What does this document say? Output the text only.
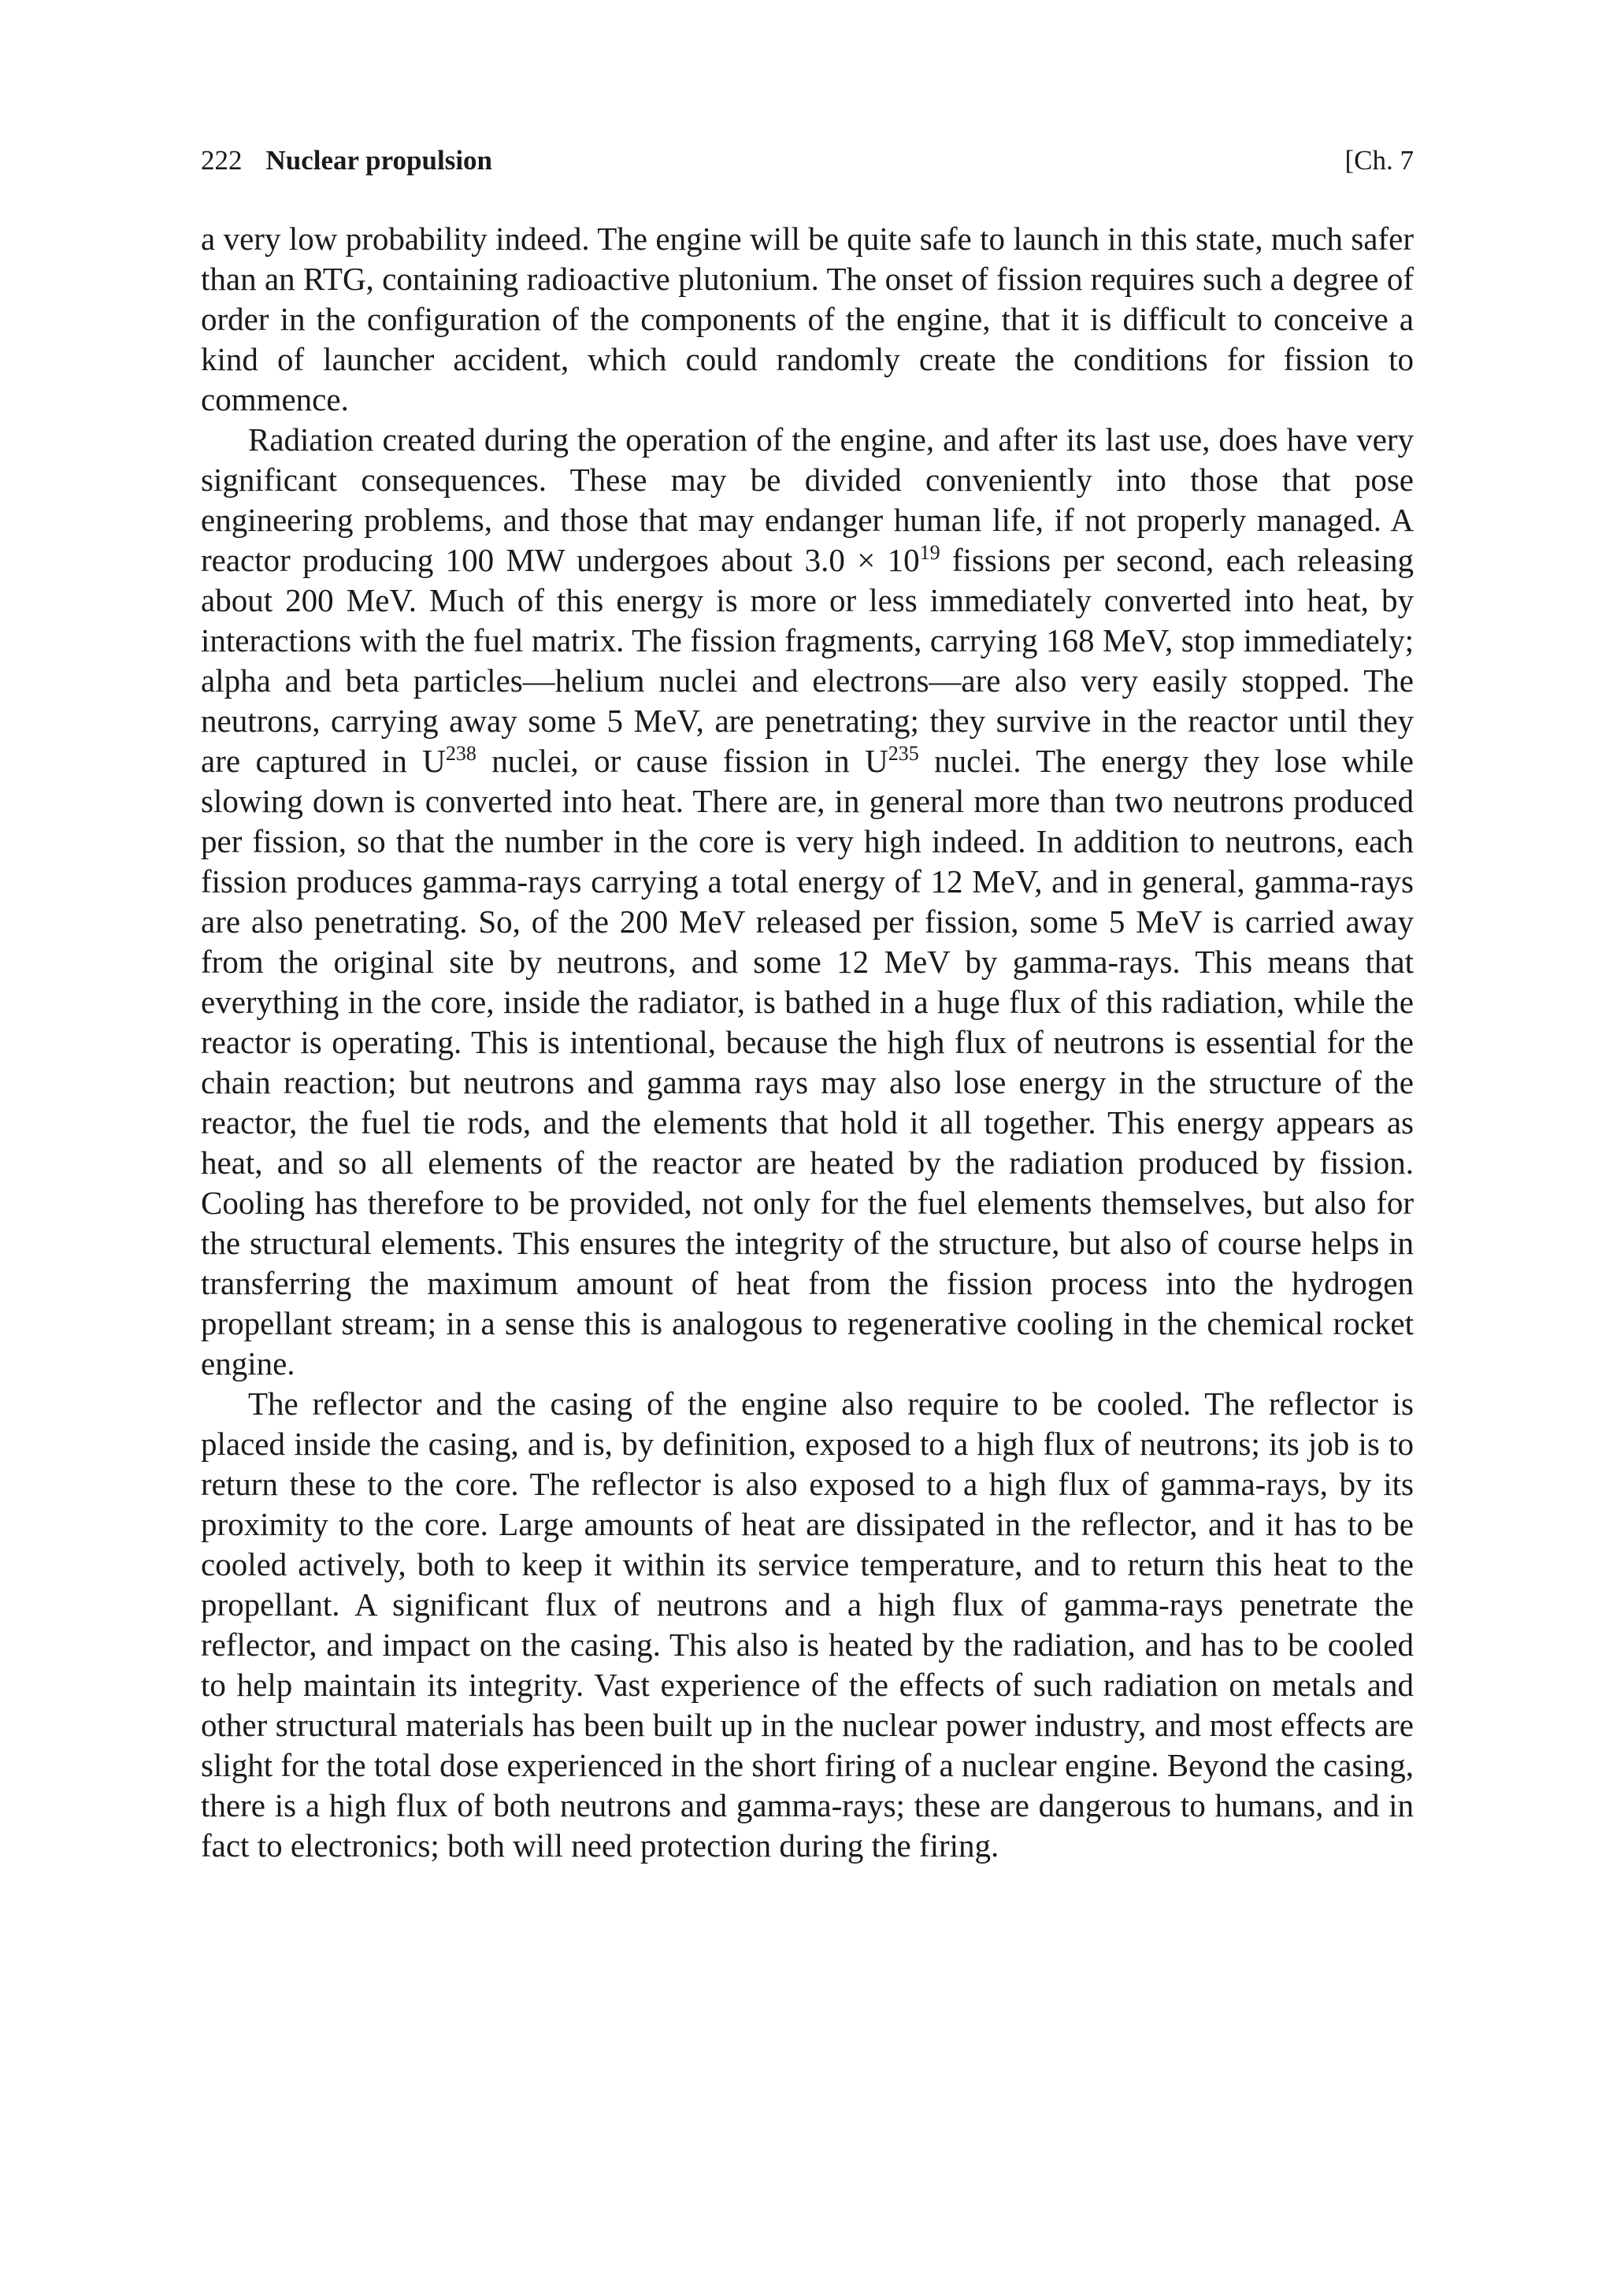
222 Nuclear propulsion	[Ch. 7

a very low probability indeed. The engine will be quite safe to launch in this state, much safer than an RTG, containing radioactive plutonium. The onset of fission requires such a degree of order in the configuration of the components of the engine, that it is difficult to conceive a kind of launcher accident, which could randomly create the conditions for fission to commence.

Radiation created during the operation of the engine, and after its last use, does have very significant consequences. These may be divided conveniently into those that pose engineering problems, and those that may endanger human life, if not properly managed. A reactor producing 100 MW undergoes about $3.0 \times 10^{19}$ fissions per second, each releasing about 200 MeV. Much of this energy is more or less immediately converted into heat, by interactions with the fuel matrix. The fission fragments, carrying 168 MeV, stop immediately; alpha and beta particles—helium nuclei and electrons—are also very easily stopped. The neutrons, carrying away some 5 MeV, are penetrating; they survive in the reactor until they are captured in $U^{238}$ nuclei, or cause fission in $U^{235}$ nuclei. The energy they lose while slowing down is converted into heat. There are, in general more than two neutrons produced per fission, so that the number in the core is very high indeed. In addition to neutrons, each fission produces gamma-rays carrying a total energy of 12 MeV, and in general, gamma-rays are also penetrating. So, of the 200 MeV released per fission, some 5 MeV is carried away from the original site by neutrons, and some 12 MeV by gamma-rays. This means that everything in the core, inside the radiator, is bathed in a huge flux of this radiation, while the reactor is operating. This is intentional, because the high flux of neutrons is essential for the chain reaction; but neutrons and gamma rays may also lose energy in the structure of the reactor, the fuel tie rods, and the elements that hold it all together. This energy appears as heat, and so all elements of the reactor are heated by the radiation produced by fission. Cooling has therefore to be provided, not only for the fuel elements themselves, but also for the structural elements. This ensures the integrity of the structure, but also of course helps in transferring the maximum amount of heat from the fission process into the hydrogen propellant stream; in a sense this is analogous to regenerative cooling in the chemical rocket engine.

The reflector and the casing of the engine also require to be cooled. The reflector is placed inside the casing, and is, by definition, exposed to a high flux of neutrons; its job is to return these to the core. The reflector is also exposed to a high flux of gamma-rays, by its proximity to the core. Large amounts of heat are dissipated in the reflector, and it has to be cooled actively, both to keep it within its service temperature, and to return this heat to the propellant. A significant flux of neutrons and a high flux of gamma-rays penetrate the reflector, and impact on the casing. This also is heated by the radiation, and has to be cooled to help maintain its integrity. Vast experience of the effects of such radiation on metals and other structural materials has been built up in the nuclear power industry, and most effects are slight for the total dose experienced in the short firing of a nuclear engine. Beyond the casing, there is a high flux of both neutrons and gamma-rays; these are dangerous to humans, and in fact to electronics; both will need protection during the firing.
